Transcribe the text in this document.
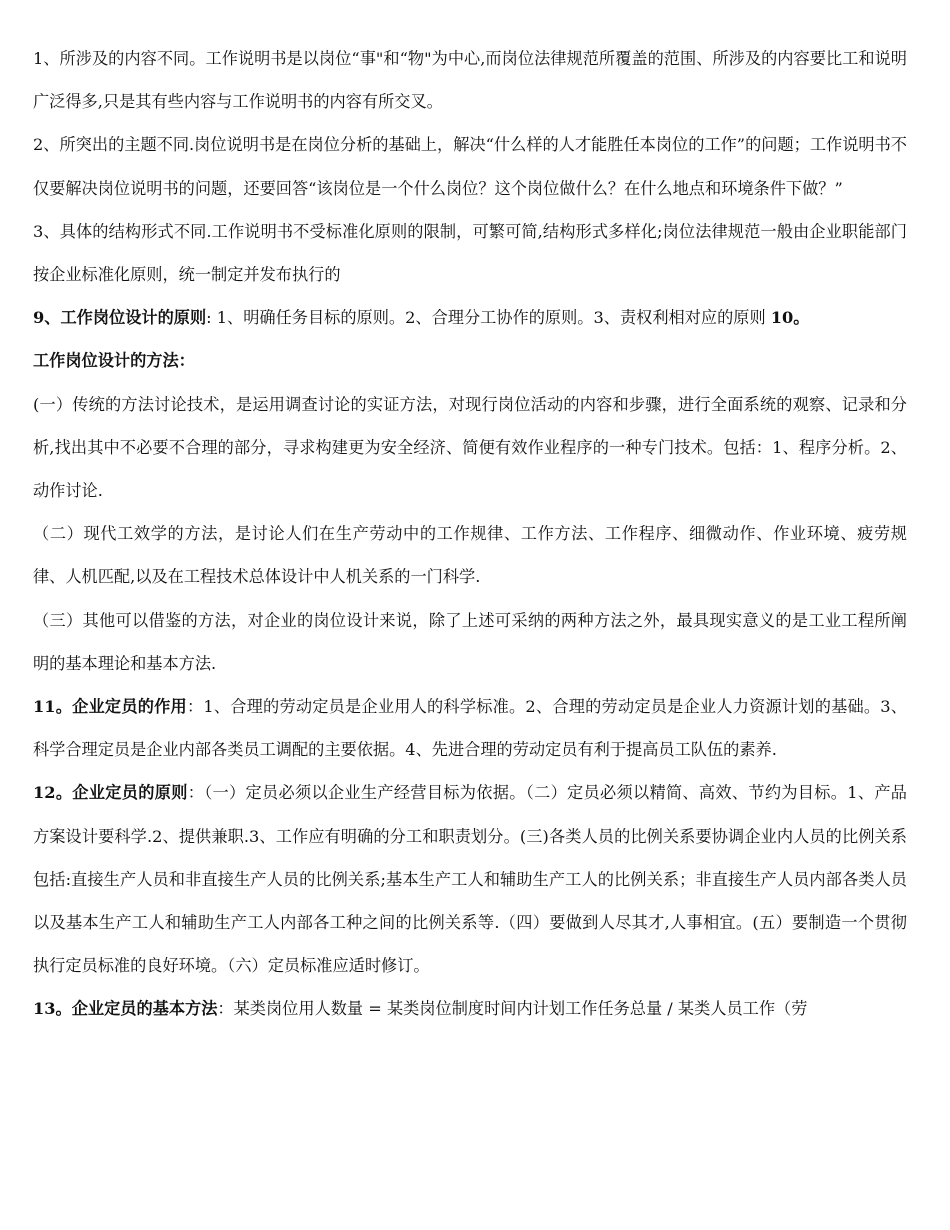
1、所涉及的内容不同。工作说明书是以岗位“事"和“物"为中心,而岗位法律规范所覆盖的范围、所涉及的内容要比工和说明广泛得多,只是其有些内容与工作说明书的内容有所交叉。

2、所突出的主题不同.岗位说明书是在岗位分析的基础上，解决“什么样的人才能胜任本岗位的工作”的问题；工作说明书不仅要解决岗位说明书的问题，还要回答“该岗位是一个什么岗位？这个岗位做什么？在什么地点和环境条件下做？”

3、具体的结构形式不同.工作说明书不受标准化原则的限制，可繁可简,结构形式多样化;岗位法律规范一般由企业职能部门按企业标准化原则，统一制定并发布执行的

9、工作岗位设计的原则: 1、明确任务目标的原则。2、合理分工协作的原则。3、责权利相对应的原则 10。

工作岗位设计的方法：

(一）传统的方法讨论技术，是运用调查讨论的实证方法，对现行岗位活动的内容和步骤，进行全面系统的观察、记录和分析,找出其中不必要不合理的部分，寻求构建更为安全经济、简便有效作业程序的一种专门技术。包括：1、程序分析。2、动作讨论.

（二）现代工效学的方法，是讨论人们在生产劳动中的工作规律、工作方法、工作程序、细微动作、作业环境、疲劳规律、人机匹配,以及在工程技术总体设计中人机关系的一门科学.

（三）其他可以借鉴的方法，对企业的岗位设计来说，除了上述可采纳的两种方法之外，最具现实意义的是工业工程所阐明的基本理论和基本方法.

11。企业定员的作用：1、合理的劳动定员是企业用人的科学标准。2、合理的劳动定员是企业人力资源计划的基础。3、科学合理定员是企业内部各类员工调配的主要依据。4、先进合理的劳动定员有利于提高员工队伍的素养.

12。企业定员的原则：（一）定员必须以企业生产经营目标为依据。（二）定员必须以精简、高效、节约为目标。1、产品方案设计要科学.2、提供兼职.3、工作应有明确的分工和职责划分。(三)各类人员的比例关系要协调企业内人员的比例关系包括:直接生产人员和非直接生产人员的比例关系;基本生产工人和辅助生产工人的比例关系；非直接生产人员内部各类人员以及基本生产工人和辅助生产工人内部各工种之间的比例关系等.（四）要做到人尽其才,人事相宜。(五）要制造一个贯彻执行定员标准的良好环境。（六）定员标准应适时修订。

13。企业定员的基本方法：某类岗位用人数量 = 某类岗位制度时间内计划工作任务总量 / 某类人员工作（劳
